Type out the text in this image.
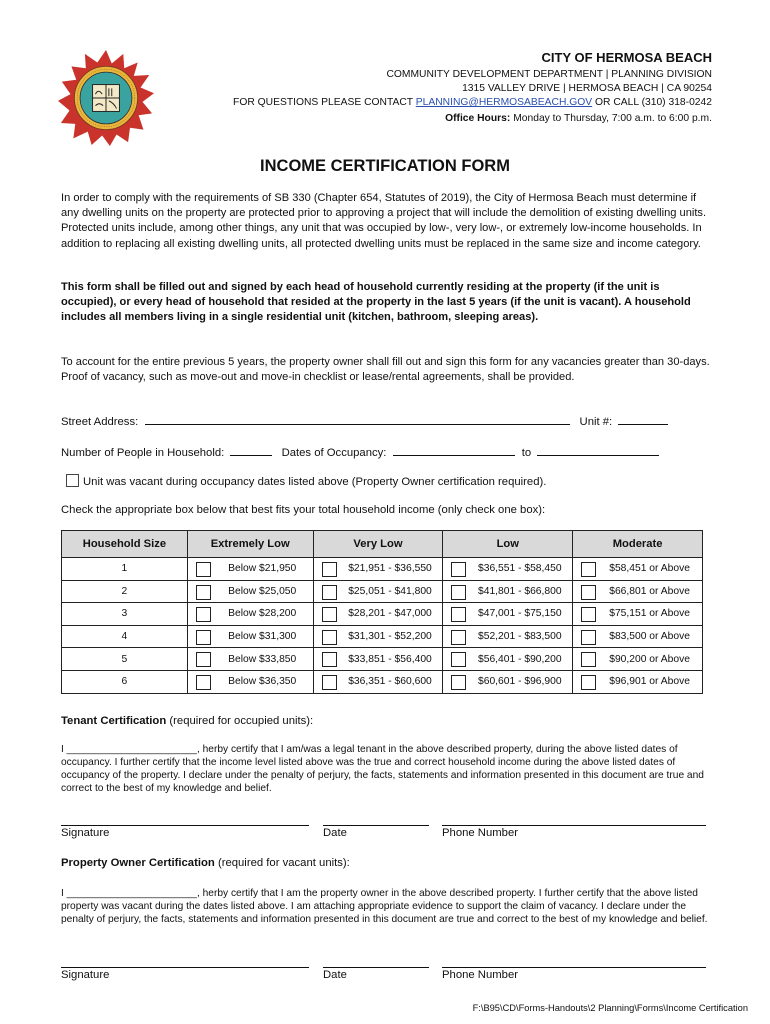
CITY OF HERMOSA BEACH
COMMUNITY DEVELOPMENT DEPARTMENT | PLANNING DIVISION
1315 VALLEY DRIVE | HERMOSA BEACH | CA 90254
FOR QUESTIONS PLEASE CONTACT PLANNING@HERMOSABEACH.GOV OR CALL (310) 318-0242
Office Hours: Monday to Thursday, 7:00 a.m. to 6:00 p.m.
INCOME CERTIFICATION FORM
In order to comply with the requirements of SB 330 (Chapter 654, Statutes of 2019), the City of Hermosa Beach must determine if any dwelling units on the property are protected prior to approving a project that will include the demolition of existing dwelling units. Protected units include, among other things, any unit that was occupied by low-, very low-, or extremely low-income households. In addition to replacing all existing dwelling units, all protected dwelling units must be replaced in the same size and income category.
This form shall be filled out and signed by each head of household currently residing at the property (if the unit is occupied), or every head of household that resided at the property in the last 5 years (if the unit is vacant). A household includes all members living in a single residential unit (kitchen, bathroom, sleeping areas).
To account for the entire previous 5 years, the property owner shall fill out and sign this form for any vacancies greater than 30-days. Proof of vacancy, such as move-out and move-in checklist or lease/rental agreements, shall be provided.
Street Address:	Unit #:
Number of People in Household:	Dates of Occupancy:	to
Unit was vacant during occupancy dates listed above (Property Owner certification required).
Check the appropriate box below that best fits your total household income (only check one box):
Household Size	Extremely Low	Very Low	Low	Moderate
1	Below $21,950	$21,951 - $36,550	$36,551 - $58,450	$58,451 or Above
2	Below $25,050	$25,051 - $41,800	$41,801 - $66,800	$66,801 or Above
3	Below $28,200	$28,201 - $47,000	$47,001 - $75,150	$75,151 or Above
4	Below $31,300	$31,301 - $52,200	$52,201 - $83,500	$83,500 or Above
5	Below $33,850	$33,851 - $56,400	$56,401 - $90,200	$90,200 or Above
6	Below $36,350	$36,351 - $60,600	$60,601 - $96,900	$96,901 or Above
Tenant Certification (required for occupied units):
I _______________________, herby certify that I am/was a legal tenant in the above described property, during the above listed dates of occupancy. I further certify that the income level listed above was the true and correct household income during the above listed dates of occupancy of the property. I declare under the penalty of perjury, the facts, statements and information presented in this document are true and correct to the best of my knowledge and belief.
Signature	Date	Phone Number
Property Owner Certification (required for vacant units):
I _______________________, herby certify that I am the property owner in the above described property. I further certify that the above listed property was vacant during the dates listed above. I am attaching appropriate evidence to support the claim of vacancy. I declare under the penalty of perjury, the facts, statements and information presented in this document are true and correct to the best of my knowledge and belief.
Signature	Date	Phone Number
F:\B95\CD\Forms-Handouts\2 Planning\Forms\Income Certification
